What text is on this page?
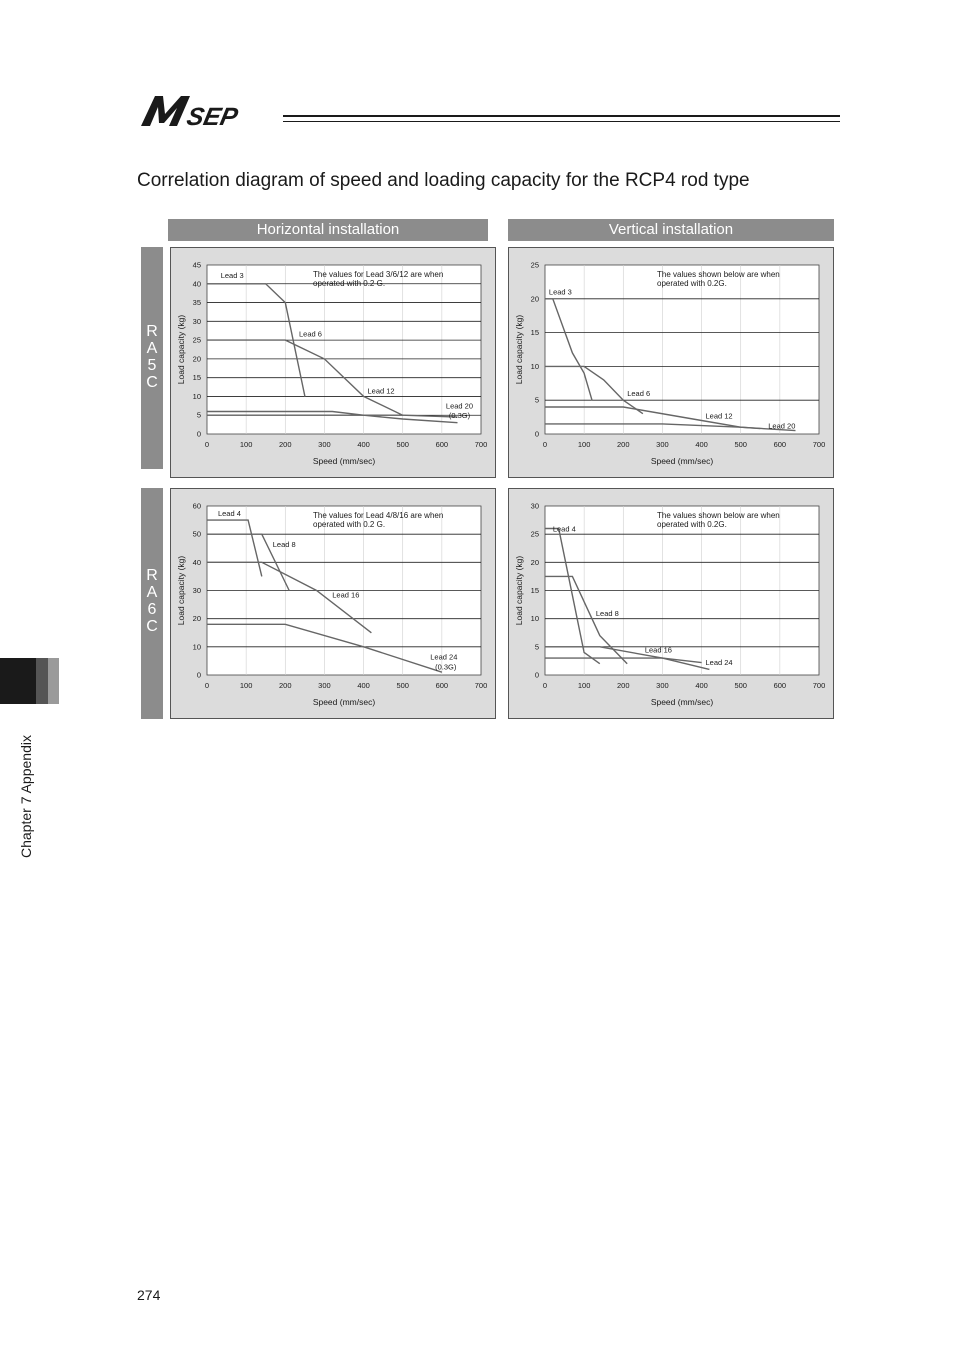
SEP
Correlation diagram of speed and loading capacity for the RCP4 rod type
Horizontal installation	Vertical installation
R
A
5
C
R
A
6
C
0	100	200	300	400	500	600	700
0
5
10
15
20
25
30
35
40
45
Speed (mm/sec)
Load capacity (kg)
Lead 3
Lead 6
Lead 12
Lead 20
(0.3G)
The values for Lead 3/6/12 are when
operated with 0.2 G.
0	100	200	300	400	500	600	700
0
5
10
15
20
25
Speed (mm/sec)
Load capacity (kg)
Lead 3
Lead 6
Lead 12
Lead 20
The values shown below are when
operated with 0.2G.
0	100	200	300	400	500	600	700
0
10
20
30
40
50
60
Speed (mm/sec)
Load capacity (kg)
Lead 4
Lead 8
Lead 16
Lead 24
(0.3G)
The values for Lead 4/8/16 are when
operated with 0.2 G.
0	100	200	300	400	500	600	700
0
5
10
15
20
25
30
Speed (mm/sec)
Load capacity (kg)
Lead 4
Lead 8
Lead 16
Lead 24
The values shown below are when
operated with 0.2G.
Chapter 7 Appendix
274
